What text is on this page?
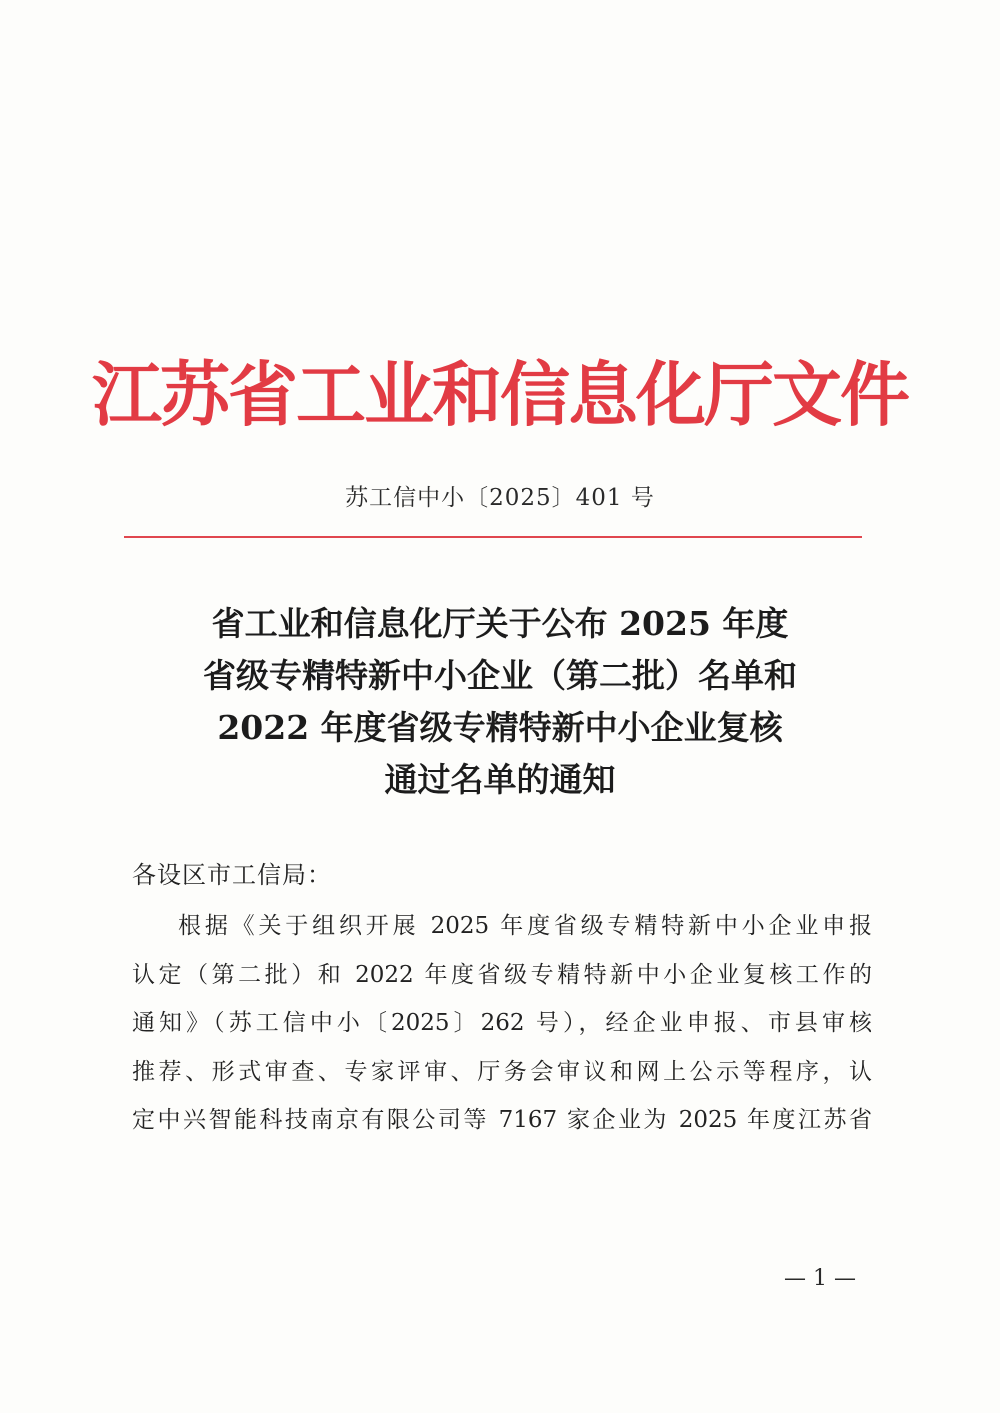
江苏省工业和信息化厅文件
苏工信中小〔2025〕401 号
省工业和信息化厅关于公布 2025 年度
省级专精特新中小企业（第二批）名单和
2022 年度省级专精特新中小企业复核
通过名单的通知
各设区市工信局：
根据《关于组织开展 2025 年度省级专精特新中小企业申报
认定（第二批）和 2022 年度省级专精特新中小企业复核工作的
通知》（苏工信中小〔2025〕262 号），经企业申报、市县审核
推荐、形式审查、专家评审、厅务会审议和网上公示等程序，认
定中兴智能科技南京有限公司等 7167 家企业为 2025 年度江苏省
— 1 —
